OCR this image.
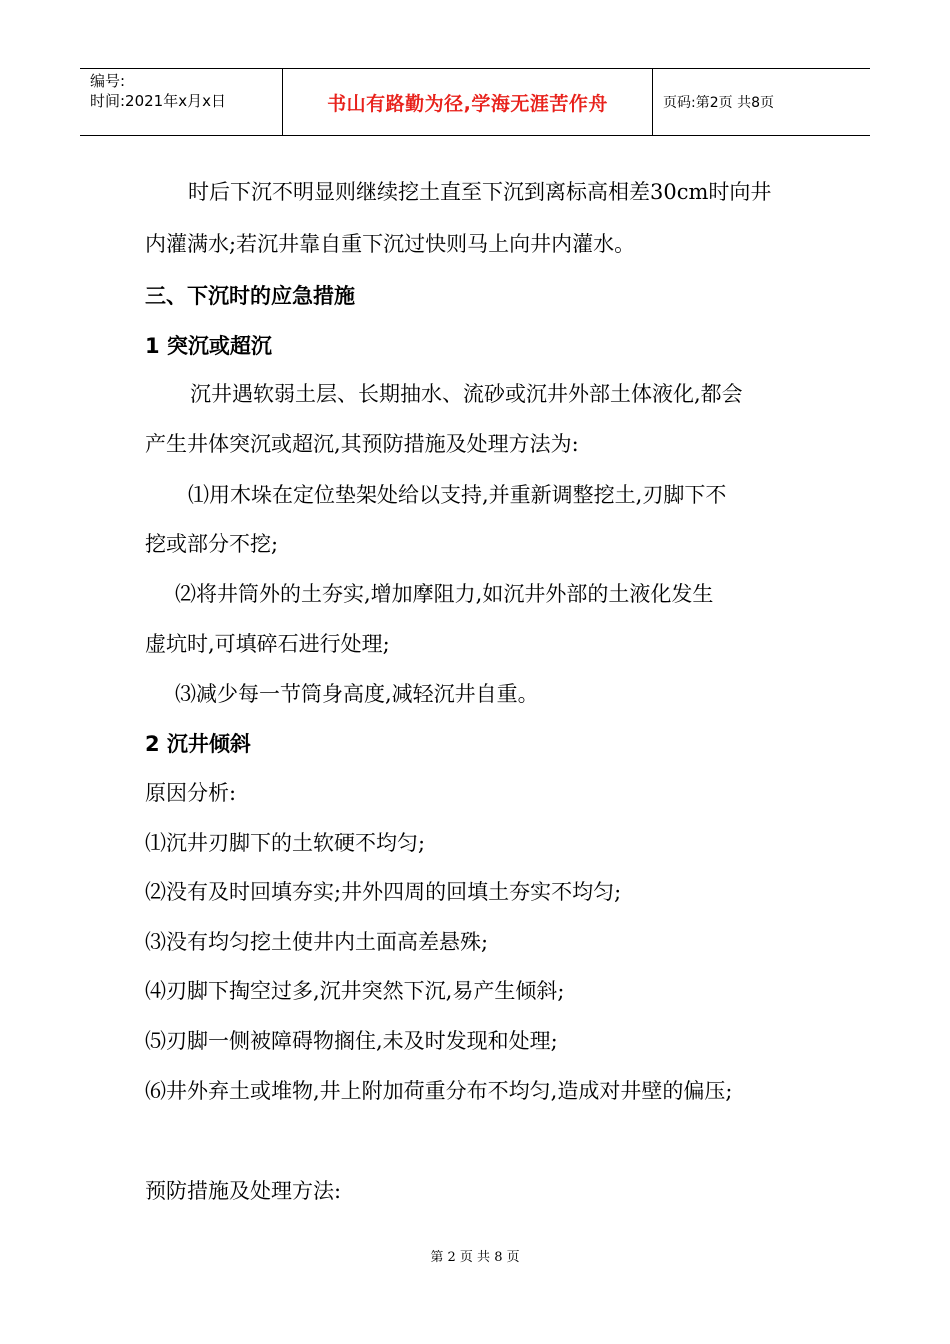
编号:
时间:2021年x月x日	书山有路勤为径,学海无涯苦作舟	页码:第2页 共8页
时后下沉不明显则继续挖土直至下沉到离标高相差30cm时向井
内灌满水;若沉井靠自重下沉过快则马上向井内灌水。
三、下沉时的应急措施
1 突沉或超沉
沉井遇软弱土层、长期抽水、流砂或沉井外部土体液化,都会
产生井体突沉或超沉,其预防措施及处理方法为:
⑴用木垛在定位垫架处给以支持,并重新调整挖土,刃脚下不
挖或部分不挖;
⑵将井筒外的土夯实,增加摩阻力,如沉井外部的土液化发生
虚坑时,可填碎石进行处理;
⑶减少每一节筒身高度,减轻沉井自重。
2 沉井倾斜
原因分析:
⑴沉井刃脚下的土软硬不均匀;
⑵没有及时回填夯实;井外四周的回填土夯实不均匀;
⑶没有均匀挖土使井内土面高差悬殊;
⑷刃脚下掏空过多,沉井突然下沉,易产生倾斜;
⑸刃脚一侧被障碍物搁住,未及时发现和处理;
⑹井外弃土或堆物,井上附加荷重分布不均匀,造成对井壁的偏压;
预防措施及处理方法:
第 2 页 共 8 页
